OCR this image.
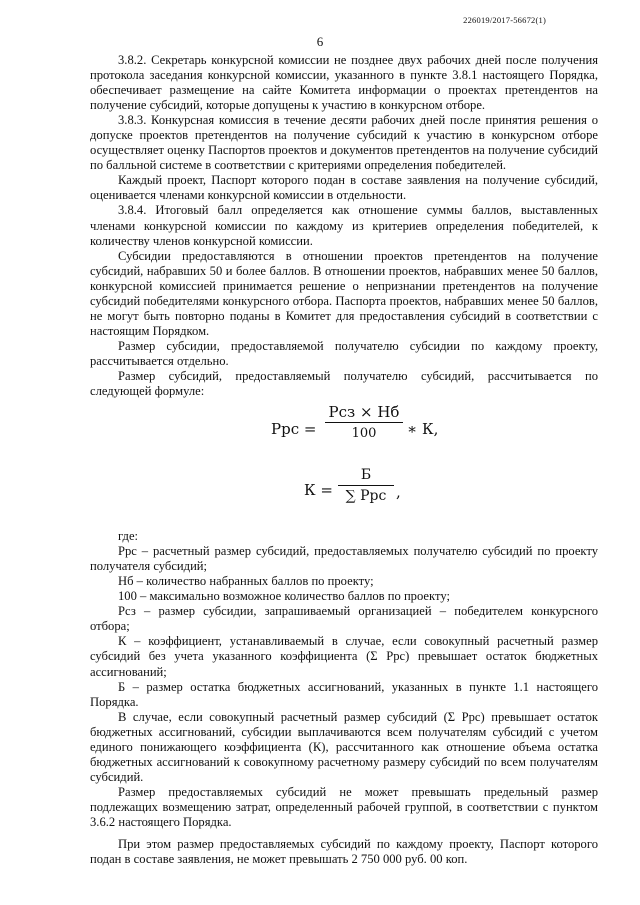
226019/2017-56672(1)
6

3.8.2. Секретарь конкурсной комиссии не позднее двух рабочих дней после получения протокола заседания конкурсной комиссии, указанного в пункте 3.8.1 настоящего Порядка, обеспечивает размещение на сайте Комитета информации о проектах претендентов на получение субсидий, которые допущены к участию в конкурсном отборе.

3.8.3. Конкурсная комиссия в течение десяти рабочих дней после принятия решения о допуске проектов претендентов на получение субсидий к участию в конкурсном отборе осуществляет оценку Паспортов проектов и документов претендентов на получение субсидий по балльной системе в соответствии с критериями определения победителей.

Каждый проект, Паспорт которого подан в составе заявления на получение субсидий, оценивается членами конкурсной комиссии в отдельности.

3.8.4. Итоговый балл определяется как отношение суммы баллов, выставленных членами конкурсной комиссии по каждому из критериев определения победителей, к количеству членов конкурсной комиссии.

Субсидии предоставляются в отношении проектов претендентов на получение субсидий, набравших 50 и более баллов. В отношении проектов, набравших менее 50 баллов, конкурсной комиссией принимается решение о непризнании претендентов на получение субсидий победителями конкурсного отбора. Паспорта проектов, набравших менее 50 баллов, не могут быть повторно поданы в Комитет для предоставления субсидий в соответствии с настоящим Порядком.

Размер субсидии, предоставляемой получателю субсидии по каждому проекту, рассчитывается отдельно.

Размер субсидий, предоставляемый получателю субсидий, рассчитывается по следующей формуле:

Pрс =
Pсз × Нб
100	∗ К,
К =
Б
∑ Ррс ,

где:

Ррс – расчетный размер субсидий, предоставляемых получателю субсидий по проекту получателя субсидий;

Нб – количество набранных баллов по проекту;

100 – максимально возможное количество баллов по проекту;

Рсз – размер субсидии, запрашиваемый организацией – победителем конкурсного отбора;

К – коэффициент, устанавливаемый в случае, если совокупный расчетный размер субсидий без учета указанного коэффициента (Σ Ррс) превышает остаток бюджетных ассигнований;

Б – размер остатка бюджетных ассигнований, указанных в пункте 1.1 настоящего Порядка.

В случае, если совокупный расчетный размер субсидий (Σ Ррс) превышает остаток бюджетных ассигнований, субсидии выплачиваются всем получателям субсидий с учетом единого понижающего коэффициента (К), рассчитанного как отношение объема остатка бюджетных ассигнований к совокупному расчетному размеру субсидий по всем получателям субсидий.

Размер предоставляемых субсидий не может превышать предельный размер подлежащих возмещению затрат, определенный рабочей группой, в соответствии с пунктом 3.6.2 настоящего Порядка.

При этом размер предоставляемых субсидий по каждому проекту, Паспорт которого подан в составе заявления, не может превышать 2 750 000 руб. 00 коп.
